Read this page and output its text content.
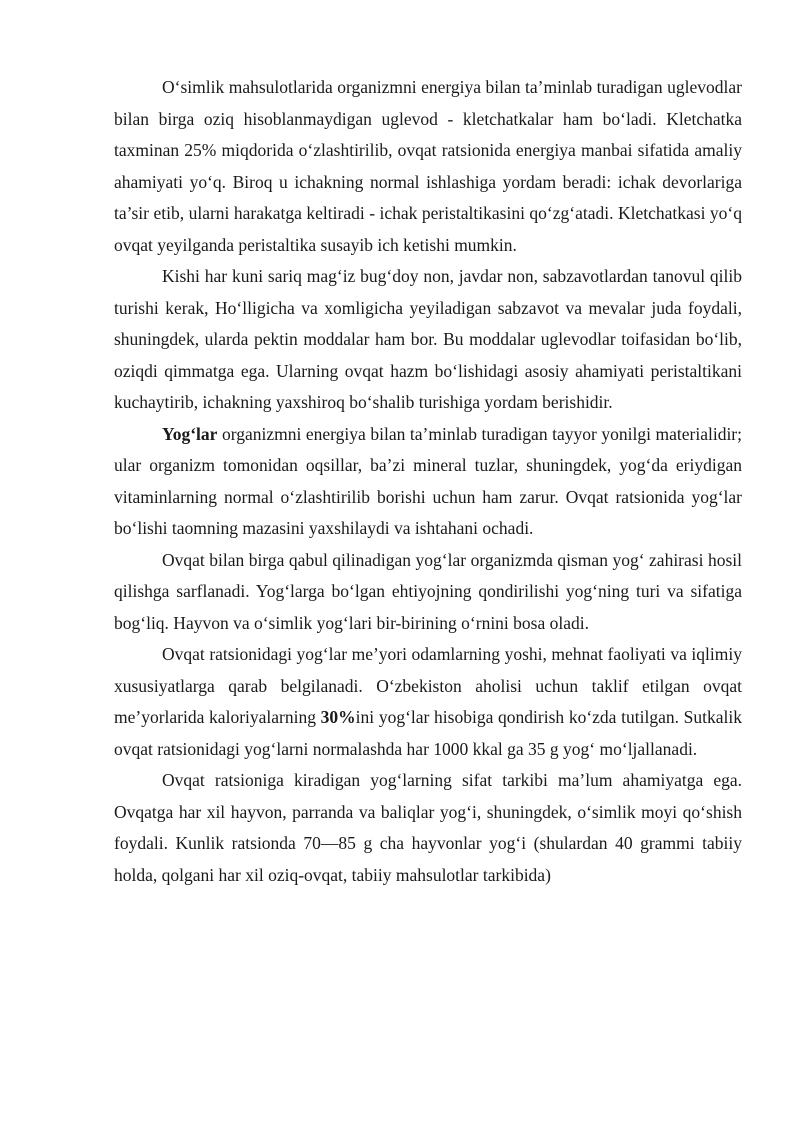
O‘simlik mahsulotlarida organizmni energiya bilan ta’minlab turadigan uglevodlar bilan birga oziq hisoblanmaydigan uglevod - kletchatkalar ham bo‘ladi. Kletchatka taxminan 25% miqdorida o‘zlashtirilib, ovqat ratsionida energiya manbai sifatida amaliy ahamiyati yo‘q. Biroq u ichakning normal ishlashiga yordam beradi: ichak devorlariga ta’sir etib, ularni harakatga keltiradi - ichak peristaltikasini qo‘zg‘atadi. Kletchatkasi yo‘q ovqat yeyilganda peristaltika susayib ich ketishi mumkin.

Kishi har kuni sariq mag‘iz bug‘doy non, javdar non, sabzavotlardan tanovul qilib turishi kerak, Ho‘lligicha va xomligicha yeyiladigan sabzavot va mevalar juda foydali, shuningdek, ularda pektin moddalar ham bor. Bu moddalar uglevodlar toifasidan bo‘lib, oziqdi qimmatga ega. Ularning ovqat hazm bo‘lishidagi asosiy ahamiyati peristaltikani kuchaytirib, ichakning yaxshiroq bo‘shalib turishiga yordam berishidir.

Yog‘lar organizmni energiya bilan ta’minlab turadigan tayyor yonilgi materialidir; ular organizm tomonidan oqsillar, ba’zi mineral tuzlar, shuningdek, yog‘da eriydigan vitaminlarning normal o‘zlashtirilib borishi uchun ham zarur. Ovqat ratsionida yog‘lar bo‘lishi taomning mazasini yaxshilaydi va ishtahani ochadi.

Ovqat bilan birga qabul qilinadigan yog‘lar organizmda qisman yog‘ zahirasi hosil qilishga sarflanadi. Yog‘larga bo‘lgan ehtiyojning qondirilishi yog‘ning turi va sifatiga bog‘liq. Hayvon va o‘simlik yog‘lari bir-birining o‘rnini bosa oladi.

Ovqat ratsionidagi yog‘lar me’yori odamlarning yoshi, mehnat faoliyati va iqlimiy xususiyatlarga qarab belgilanadi. O‘zbekiston aholisi uchun taklif etilgan ovqat me’yorlarida kaloriyalarning 30%ini yog‘lar hisobiga qondirish ko‘zda tutilgan. Sutkalik ovqat ratsionidagi yog‘larni normalashda har 1000 kkal ga 35 g yog‘ mo‘ljallanadi.

Ovqat ratsioniga kiradigan yog‘larning sifat tarkibi ma’lum ahamiyatga ega. Ovqatga har xil hayvon, parranda va baliqlar yog‘i, shuningdek, o‘simlik moyi qo‘shish foydali. Kunlik ratsionda 70—85 g cha hayvonlar yog‘i (shulardan 40 grammi tabiiy holda, qolgani har xil oziq-ovqat, tabiiy mahsulotlar tarkibida)
